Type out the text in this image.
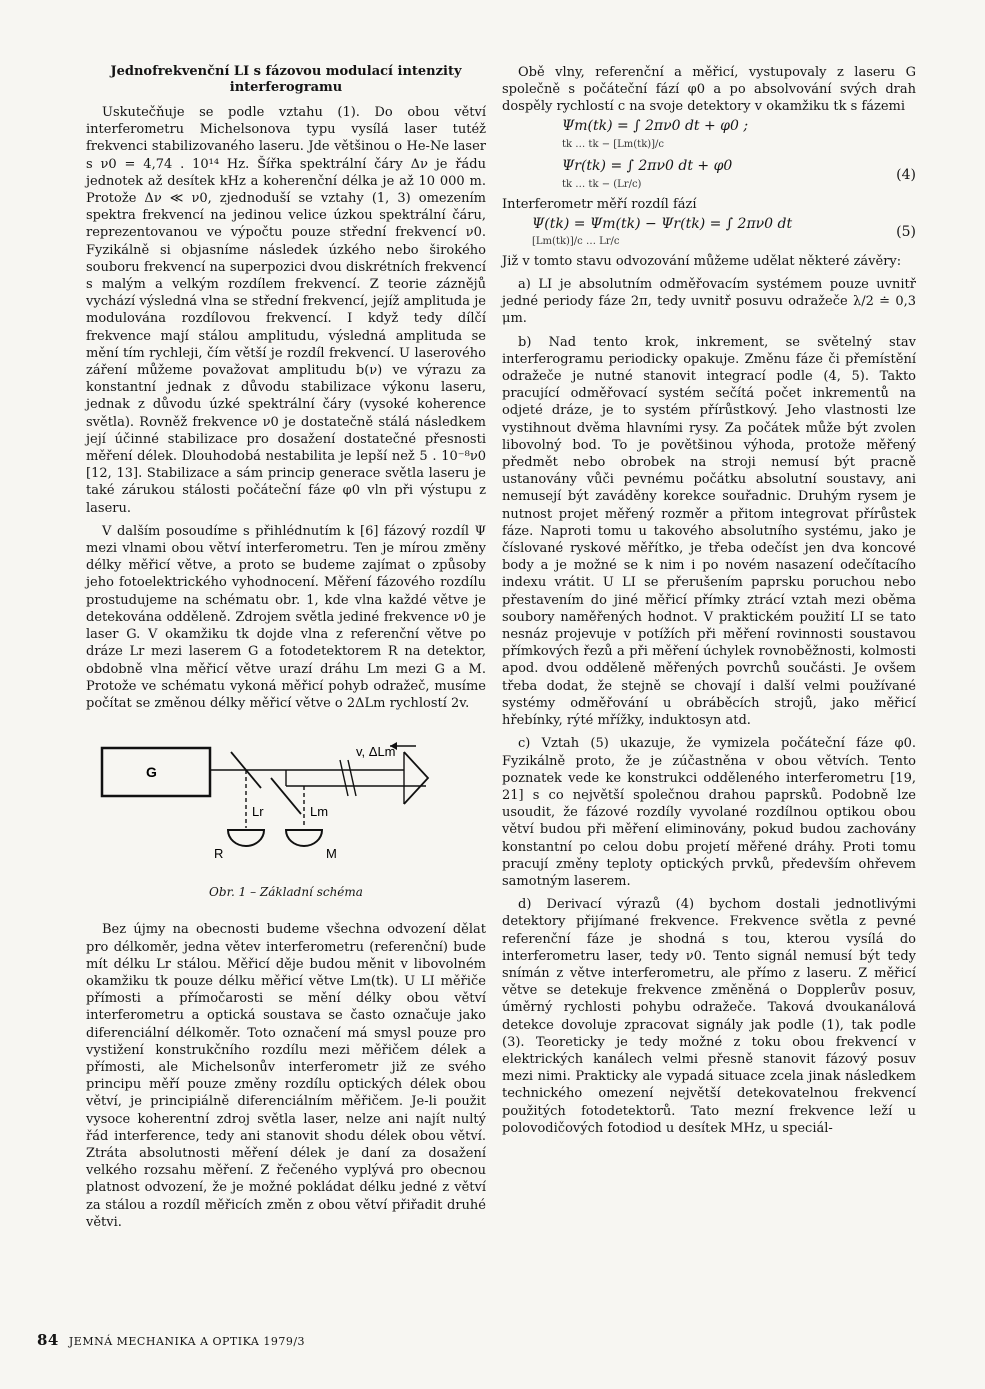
Jednofrekvenční LI s fázovou modulací intenzity interferogramu

Uskutečňuje se podle vztahu (1). Do obou větví interferometru Michelsonova typu vysílá laser tutéž frekvenci stabilizovaného laseru. Jde většinou o He-Ne laser s ν0 = 4,74 . 10¹⁴ Hz. Šířka spektrální čáry Δν je řádu jednotek až desítek kHz a koherenční délka je až 10 000 m. Protože Δν ≪ ν0, zjednoduší se vztahy (1, 3) omezením spektra frekvencí na jedinou velice úzkou spektrální čáru, reprezentovanou ve výpočtu pouze střední frekvencí ν0. Fyzikálně si objasníme následek úzkého nebo širokého souboru frekvencí na superpozici dvou diskrétních frekvencí s malým a velkým rozdílem frekvencí. Z teorie záznějů vychází výsledná vlna se střední frekvencí, jejíž amplituda je modulována rozdílovou frekvencí. I když tedy dílčí frekvence mají stálou amplitudu, výsledná amplituda se mění tím rychleji, čím větší je rozdíl frekvencí. U laserového záření můžeme považovat amplitudu b(ν) ve výrazu za konstantní jednak z důvodu stabilizace výkonu laseru, jednak z důvodu úzké spektrální čáry (vysoké koherence světla). Rovněž frekvence ν0 je dostatečně stálá následkem její účinné stabilizace pro dosažení dostatečné přesnosti měření délek. Dlouhodobá nestabilita je lepší než 5 . 10⁻⁸ν0 [12, 13]. Stabilizace a sám princip generace světla laseru je také zárukou stálosti počáteční fáze φ0 vln při výstupu z laseru.

V dalším posoudíme s přihlédnutím k [6] fázový rozdíl Ψ mezi vlnami obou větví interferometru. Ten je mírou změny délky měřicí větve, a proto se budeme zajímat o způsoby jeho fotoelektrického vyhodnocení. Měření fázového rozdílu prostudujeme na schématu obr. 1, kde vlna každé větve je detekována odděleně. Zdrojem světla jediné frekvence ν0 je laser G. V okamžiku tk dojde vlna z referenční větve po dráze Lr mezi laserem G a fotodetektorem R na detektor, obdobně vlna měřicí větve urazí dráhu Lm mezi G a M. Protože ve schématu vykoná měřicí pohyb odražeč, musíme počítat se změnou délky měřicí větve o 2ΔLm rychlostí 2v.

G
Lr	Lm
v, ΔLm
R	M
Obr. 1 – Základní schéma

Bez újmy na obecnosti budeme všechna odvození dělat pro délkoměr, jedna větev interferometru (referenční) bude mít délku Lr stálou. Měřicí děje budou měnit v libovolném okamžiku tk pouze délku měřicí větve Lm(tk). U LI měřiče přímosti a přímočarosti se mění délky obou větví interferometru a optická soustava se často označuje jako diferenciální délkoměr. Toto označení má smysl pouze pro vystižení konstrukčního rozdílu mezi měřičem délek a přímosti, ale Michelsonův interferometr již ze svého principu měří pouze změny rozdílu optických délek obou větví, je principiálně diferenciálním měřičem. Je-li použit vysoce koherentní zdroj světla laser, nelze ani najít nultý řád interference, tedy ani stanovit shodu délek obou větví. Ztráta absolutnosti měření délek je daní za dosažení velkého rozsahu měření. Z řečeného vyplývá pro obecnou platnost odvození, že je možné pokládat délku jedné z větví za stálou a rozdíl měřicích změn z obou větví přiřadit druhé větvi.

Obě vlny, referenční a měřicí, vystupovaly z laseru G společně s počáteční fází φ0 a po absolvování svých drah dospěly rychlostí c na svoje detektory v okamžiku tk s fázemi

Ψm(tk) = ∫ 2πν0 dt + φ0 ;
tk … tk − [Lm(tk)]/c
Ψr(tk) = ∫ 2πν0 dt + φ0
tk … tk − (Lr/c)
(4)

Interferometr měří rozdíl fází

Ψ(tk) = Ψm(tk) − Ψr(tk) = ∫ 2πν0 dt
[Lm(tk)]/c … Lr/c
(5)

Již v tomto stavu odvozování můžeme udělat některé závěry:

a) LI je absolutním odměřovacím systémem pouze uvnitř jedné periody fáze 2π, tedy uvnitř posuvu odražeče λ/2 ≐ 0,3 μm.

b) Nad tento krok, inkrement, se světelný stav interferogramu periodicky opakuje. Změnu fáze či přemístění odražeče je nutné stanovit integrací podle (4, 5). Takto pracující odměřovací systém sečítá počet inkrementů na odjeté dráze, je to systém přírůstkový. Jeho vlastnosti lze vystihnout dvěma hlavními rysy. Za počátek může být zvolen libovolný bod. To je povětšinou výhoda, protože měřený předmět nebo obrobek na stroji nemusí být pracně ustanovány vůči pevnému počátku absolutní soustavy, ani nemusejí být zaváděny korekce souřadnic. Druhým rysem je nutnost projet měřený rozměr a přitom integrovat přírůstek fáze. Naproti tomu u takového absolutního systému, jako je číslované ryskové měřítko, je třeba odečíst jen dva koncové body a je možné se k nim i po novém nasazení odečítacího indexu vrátit. U LI se přerušením paprsku poruchou nebo přestavením do jiné měřicí přímky ztrácí vztah mezi oběma soubory naměřených hodnot. V praktickém použití LI se tato nesnáz projevuje v potížích při měření rovinnosti soustavou přímkových řezů a při měření úchylek rovnoběžnosti, kolmosti apod. dvou odděleně měřených povrchů součásti. Je ovšem třeba dodat, že stejně se chovají i další velmi používané systémy odměřování u obráběcích strojů, jako měřicí hřebínky, rýté mřížky, induktosyn atd.

c) Vztah (5) ukazuje, že vymizela počáteční fáze φ0. Fyzikálně proto, že je zúčastněna v obou větvích. Tento poznatek vede ke konstrukci odděleného interferometru [19, 21] s co největší společnou drahou paprsků. Podobně lze usoudit, že fázové rozdíly vyvolané rozdílnou optikou obou větví budou při měření eliminovány, pokud budou zachovány konstantní po celou dobu projetí měřené dráhy. Proti tomu pracují změny teploty optických prvků, především ohřevem samotným laserem.

d) Derivací výrazů (4) bychom dostali jednotlivými detektory přijímané frekvence. Frekvence světla z pevné referenční fáze je shodná s tou, kterou vysílá do interferometru laser, tedy ν0. Tento signál nemusí být tedy snímán z větve interferometru, ale přímo z laseru. Z měřicí větve se detekuje frekvence změněná o Dopplerův posuv, úměrný rychlosti pohybu odražeče. Taková dvoukanálová detekce dovoluje zpracovat signály jak podle (1), tak podle (3). Teoreticky je tedy možné z toku obou frekvencí v elektrických kanálech velmi přesně stanovit fázový posuv mezi nimi. Prakticky ale vypadá situace zcela jinak následkem technického omezení největší detekovatelnou frekvencí použitých fotodetektorů. Tato mezní frekvence leží u polovodičových fotodiod u desítek MHz, u speciál-

84 JEMNÁ MECHANIKA A OPTIKA 1979/3
